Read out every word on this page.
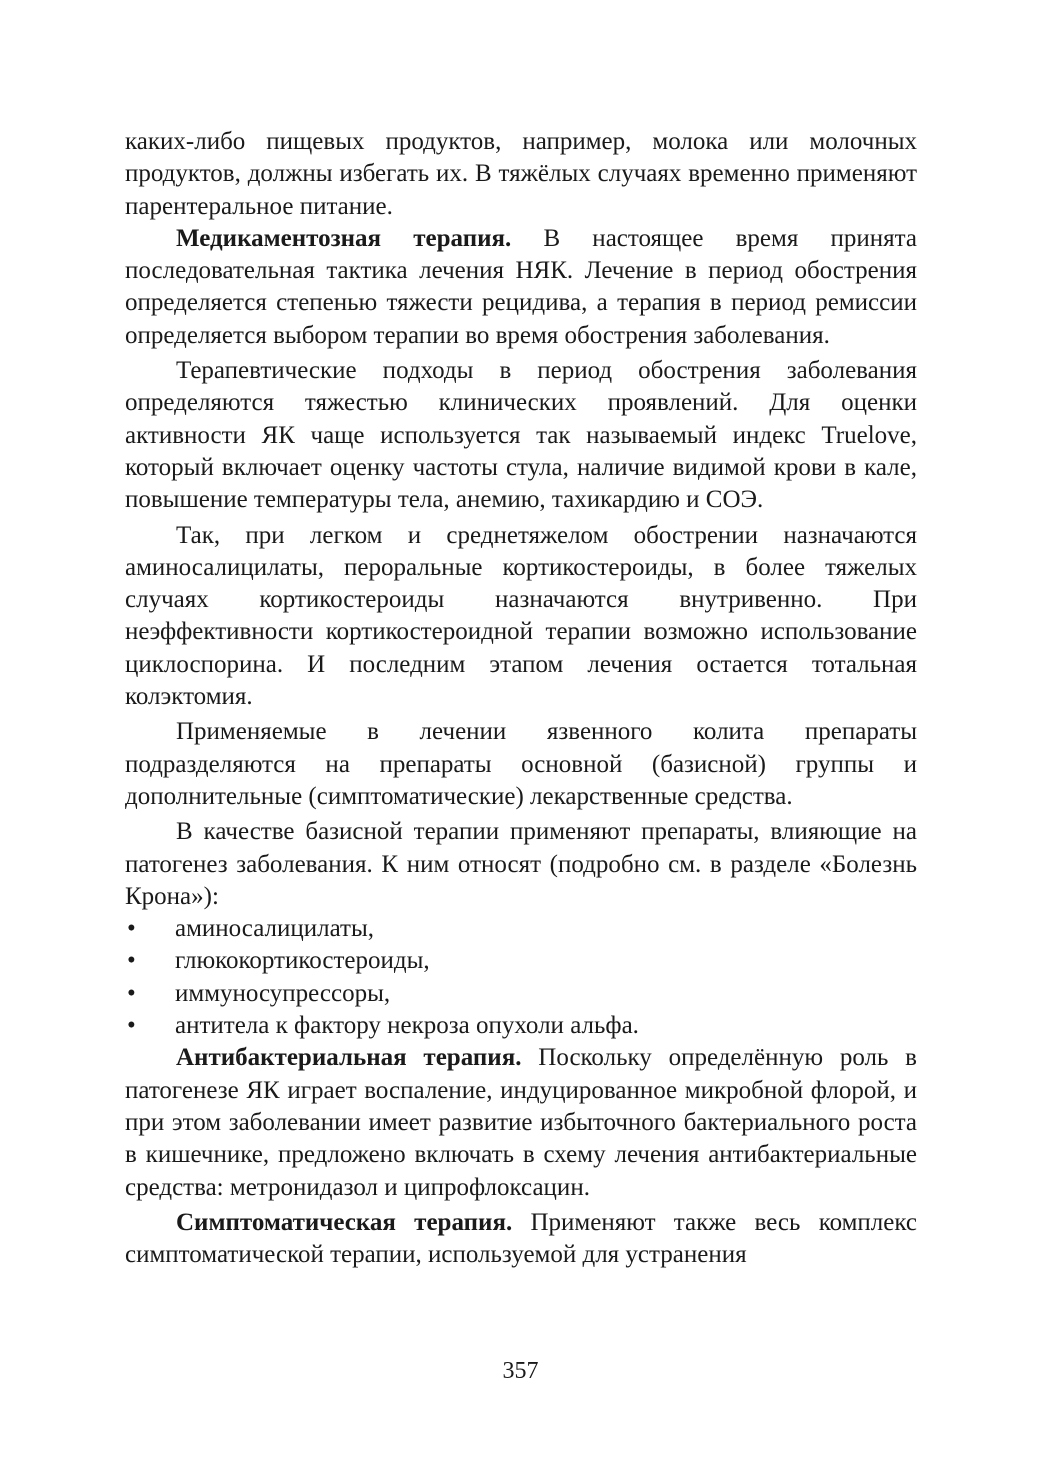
каких-либо пищевых продуктов, например, молока или молочных продуктов, должны избегать их. В тяжёлых случаях временно применяют парентеральное питание.

Медикаментозная терапия. В настоящее время принята последовательная тактика лечения НЯК. Лечение в период обострения определяется степенью тяжести рецидива, а терапия в период ремиссии определяется выбором терапии во время обострения заболевания.

Терапевтические подходы в период обострения заболевания определяются тяжестью клинических проявлений. Для оценки активности ЯК чаще используется так называемый индекс Truelove, который включает оценку частоты стула, наличие видимой крови в кале, повышение температуры тела, анемию, тахикардию и СОЭ.

Так, при легком и среднетяжелом обострении назначаются аминосалицилаты, пероральные кортикостероиды, в более тяжелых случаях кортикостероиды назначаются внутривенно. При неэффективности кортикостероидной терапии возможно использование циклоспорина. И последним этапом лечения остается тотальная колэктомия.

Применяемые в лечении язвенного колита препараты подразделяются на препараты основной (базисной) группы и дополнительные (симптоматические) лекарственные средства.

В качестве базисной терапии применяют препараты, влияющие на патогенез заболевания. К ним относят (подробно см. в разделе «Болезнь Крона»):

• аминосалицилаты,
• глюкокортикостероиды,
• иммуносупрессоры,
• антитела к фактору некроза опухоли альфа.

Антибактериальная терапия. Поскольку определённую роль в патогенезе ЯК играет воспаление, индуцированное микробной флорой, и при этом заболевании имеет развитие избыточного бактериального роста в кишечнике, предложено включать в схему лечения антибактериальные средства: метронидазол и ципрофлоксацин.

Симптоматическая терапия. Применяют также весь комплекс симптоматической терапии, используемой для устранения

357
